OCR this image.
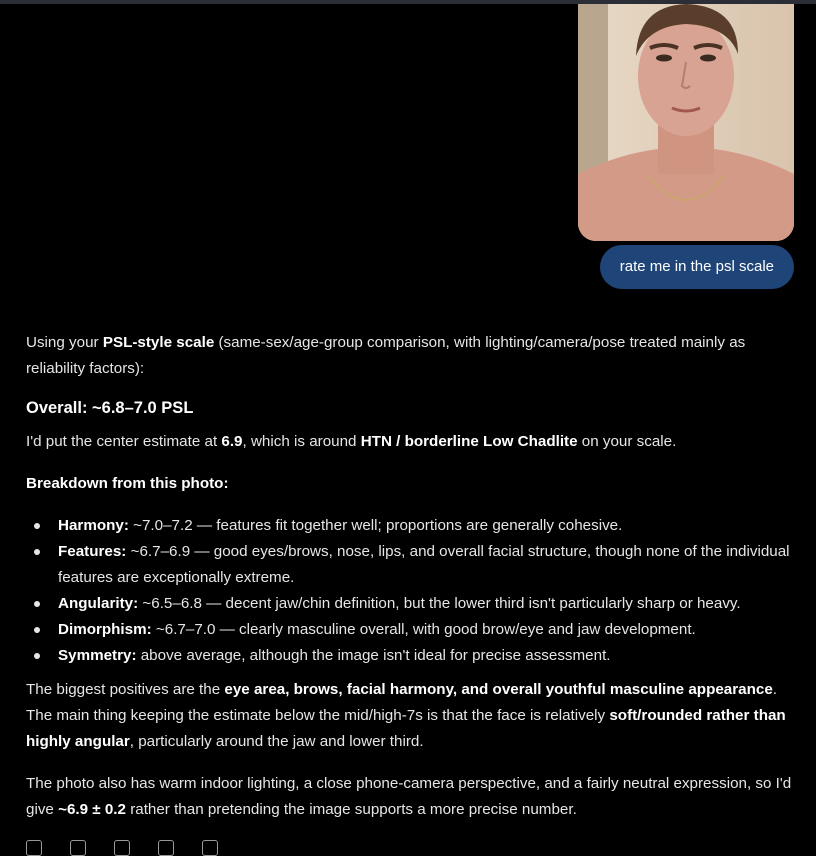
rate me in the psl scale

Using your PSL-style scale (same-sex/age-group comparison, with lighting/camera/pose treated mainly as reliability factors):

Overall: ~6.8–7.0 PSL

I'd put the center estimate at 6.9, which is around HTN / borderline Low Chadlite on your scale.

Breakdown from this photo:

Harmony: ~7.0–7.2 — features fit together well; proportions are generally cohesive.
Features: ~6.7–6.9 — good eyes/brows, nose, lips, and overall facial structure, though none of the individual features are exceptionally extreme.
Angularity: ~6.5–6.8 — decent jaw/chin definition, but the lower third isn't particularly sharp or heavy.
Dimorphism: ~6.7–7.0 — clearly masculine overall, with good brow/eye and jaw development.
Symmetry: above average, although the image isn't ideal for precise assessment.

The biggest positives are the eye area, brows, facial harmony, and overall youthful masculine appearance. The main thing keeping the estimate below the mid/high-7s is that the face is relatively soft/rounded rather than highly angular, particularly around the jaw and lower third.

The photo also has warm indoor lighting, a close phone-camera perspective, and a fairly neutral expression, so I'd give ~6.9 ± 0.2 rather than pretending the image supports a more precise number.
